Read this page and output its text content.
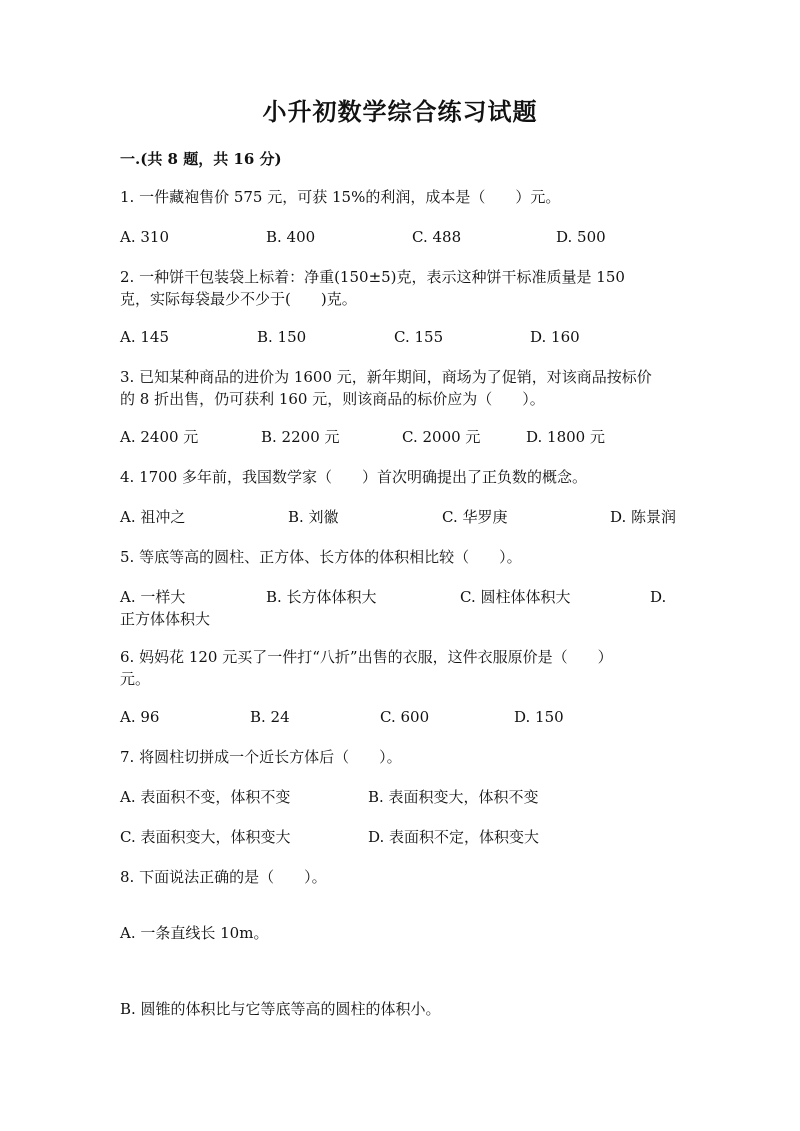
小升初数学综合练习试题
一.(共 8 题，共 16 分)
1. 一件藏袍售价 575 元，可获 15%的利润，成本是（　　）元。
A. 310	B. 400	C. 488	D. 500
2. 一种饼干包装袋上标着：净重(150±5)克，表示这种饼干标准质量是 150
克，实际每袋最少不少于(　　)克。
A. 145	B. 150	C. 155	D. 160
3. 已知某种商品的进价为 1600 元，新年期间，商场为了促销，对该商品按标价
的 8 折出售，仍可获利 160 元，则该商品的标价应为（　　）。
A. 2400 元	B. 2200 元	C. 2000 元	D. 1800 元
4. 1700 多年前，我国数学家（　　）首次明确提出了正负数的概念。
A. 祖冲之	B. 刘徽	C. 华罗庚	D. 陈景润
5. 等底等高的圆柱、正方体、长方体的体积相比较（　　）。
A. 一样大	B. 长方体体积大	C. 圆柱体体积大	D.
正方体体积大
6. 妈妈花 120 元买了一件打“八折”出售的衣服，这件衣服原价是（　　）
元。
A. 96	B. 24	C. 600	D. 150
7. 将圆柱切拼成一个近长方体后（　　）。
A. 表面积不变，体积不变	B. 表面积变大，体积不变
C. 表面积变大，体积变大	D. 表面积不定，体积变大
8. 下面说法正确的是（　　）。
A. 一条直线长 10m。
B. 圆锥的体积比与它等底等高的圆柱的体积小。
